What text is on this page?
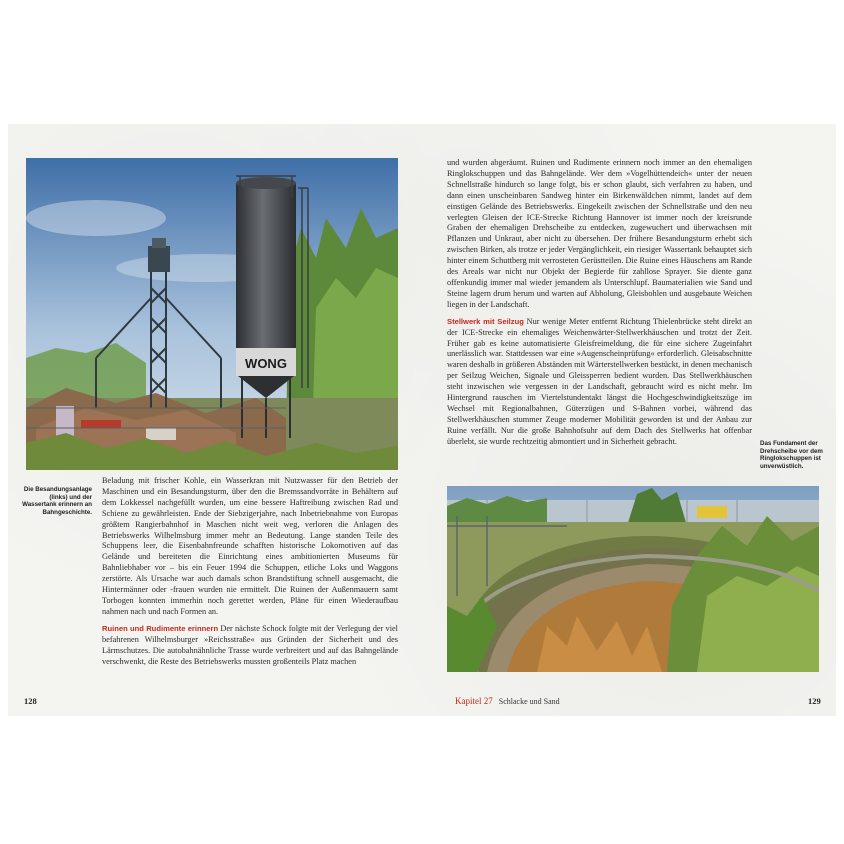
WONG
Die Besandungsanlage (links) und der Wassertank erinnern an Bahngeschichte.

Beladung mit frischer Kohle, ein Wasserkran mit Nutzwasser für den Betrieb der Maschinen und ein Besandungsturm, über den die Bremssandvorräte in Behältern auf dem Lokkessel nachgefüllt wurden, um eine bessere Haftreibung zwischen Rad und Schiene zu gewährleisten. Ende der Siebzigerjahre, nach Inbetriebnahme von Europas größtem Rangierbahnhof in Maschen nicht weit weg, verloren die Anlagen des Betriebswerks Wilhelmsburg immer mehr an Bedeutung. Lange standen Teile des Schuppens leer, die Eisenbahnfreunde schafften historische Lokomotiven auf das Gelände und bereiteten die Einrichtung eines ambitionierten Museums für Bahnliebhaber vor – bis ein Feuer 1994 die Schuppen, etliche Loks und Waggons zerstörte. Als Ursache war auch damals schon Brandstiftung schnell ausgemacht, die Hintermänner oder -frauen wurden nie ermittelt. Die Ruinen der Außenmauern samt Torbogen konnten immerhin noch gerettet werden, Pläne für einen Wiederaufbau nahmen nach und nach Formen an.

Ruinen und Rudimente erinnern Der nächste Schock folgte mit der Verlegung der viel befahrenen Wilhelmsburger »Reichsstraße« aus Gründen der Sicherheit und des Lärmschutzes. Die autobahnähnliche Trasse wurde verbreitert und auf das Bahngelände verschwenkt, die Reste des Betriebswerks mussten großenteils Platz machen

128

und wurden abgeräumt. Ruinen und Rudimente erinnern noch immer an den ehemaligen Ringlokschuppen und das Bahngelände. Wer dem »Vogelhüttendeich« unter der neuen Schnellstraße hindurch so lange folgt, bis er schon glaubt, sich verfahren zu haben, und dann einen unscheinbaren Sandweg hinter ein Birkenwäldchen nimmt, landet auf dem einstigen Gelände des Betriebswerks. Eingekeilt zwischen der Schnellstraße und den neu verlegten Gleisen der ICE-Strecke Richtung Hannover ist immer noch der kreisrunde Graben der ehemaligen Drehscheibe zu entdecken, zugewuchert und überwachsen mit Pflanzen und Unkraut, aber nicht zu übersehen. Der frühere Besandungsturm erhebt sich zwischen Birken, als trotze er jeder Vergänglichkeit, ein riesiger Wassertank behauptet sich hinter einem Schuttberg mit verrosteten Gerüstteilen. Die Ruine eines Häuschens am Rande des Areals war nicht nur Objekt der Begierde für zahllose Sprayer. Sie diente ganz offenkundig immer mal wieder jemandem als Unterschlupf. Baumaterialien wie Sand und Steine lagern drum herum und warten auf Abholung, Gleisbohlen und ausgebaute Weichen liegen in der Landschaft.

Stellwerk mit Seilzug Nur wenige Meter entfernt Richtung Thielenbrücke steht direkt an der ICE-Strecke ein ehemaliges Weichenwärter-Stellwerkhäuschen und trotzt der Zeit. Früher gab es keine automatisierte Gleisfreimeldung, die für eine sichere Zugeinfahrt unerlässlich war. Stattdessen war eine »Augenscheinprüfung« erforderlich. Gleisabschnitte waren deshalb in größeren Abständen mit Wärterstellwerken bestückt, in denen mechanisch per Seilzug Weichen, Signale und Gleissperren bedient wurden. Das Stellwerkhäuschen steht inzwischen wie vergessen in der Landschaft, gebraucht wird es nicht mehr. Im Hintergrund rauschen im Viertelstundentakt längst die Hochgeschwindigkeitszüge im Wechsel mit Regionalbahnen, Güterzügen und S-Bahnen vorbei, während das Stellwerkhäuschen stummer Zeuge moderner Mobilität geworden ist und der Anbau zur Ruine verfällt. Nur die große Bahnhofsuhr auf dem Dach des Stellwerks hat offenbar überlebt, sie wurde rechtzeitig abmontiert und in Sicherheit gebracht.	Das Fundament der Drehscheibe vor dem Ringlokschuppen ist unverwüstlich.
Kapitel 27 Schlacke und Sand	129
